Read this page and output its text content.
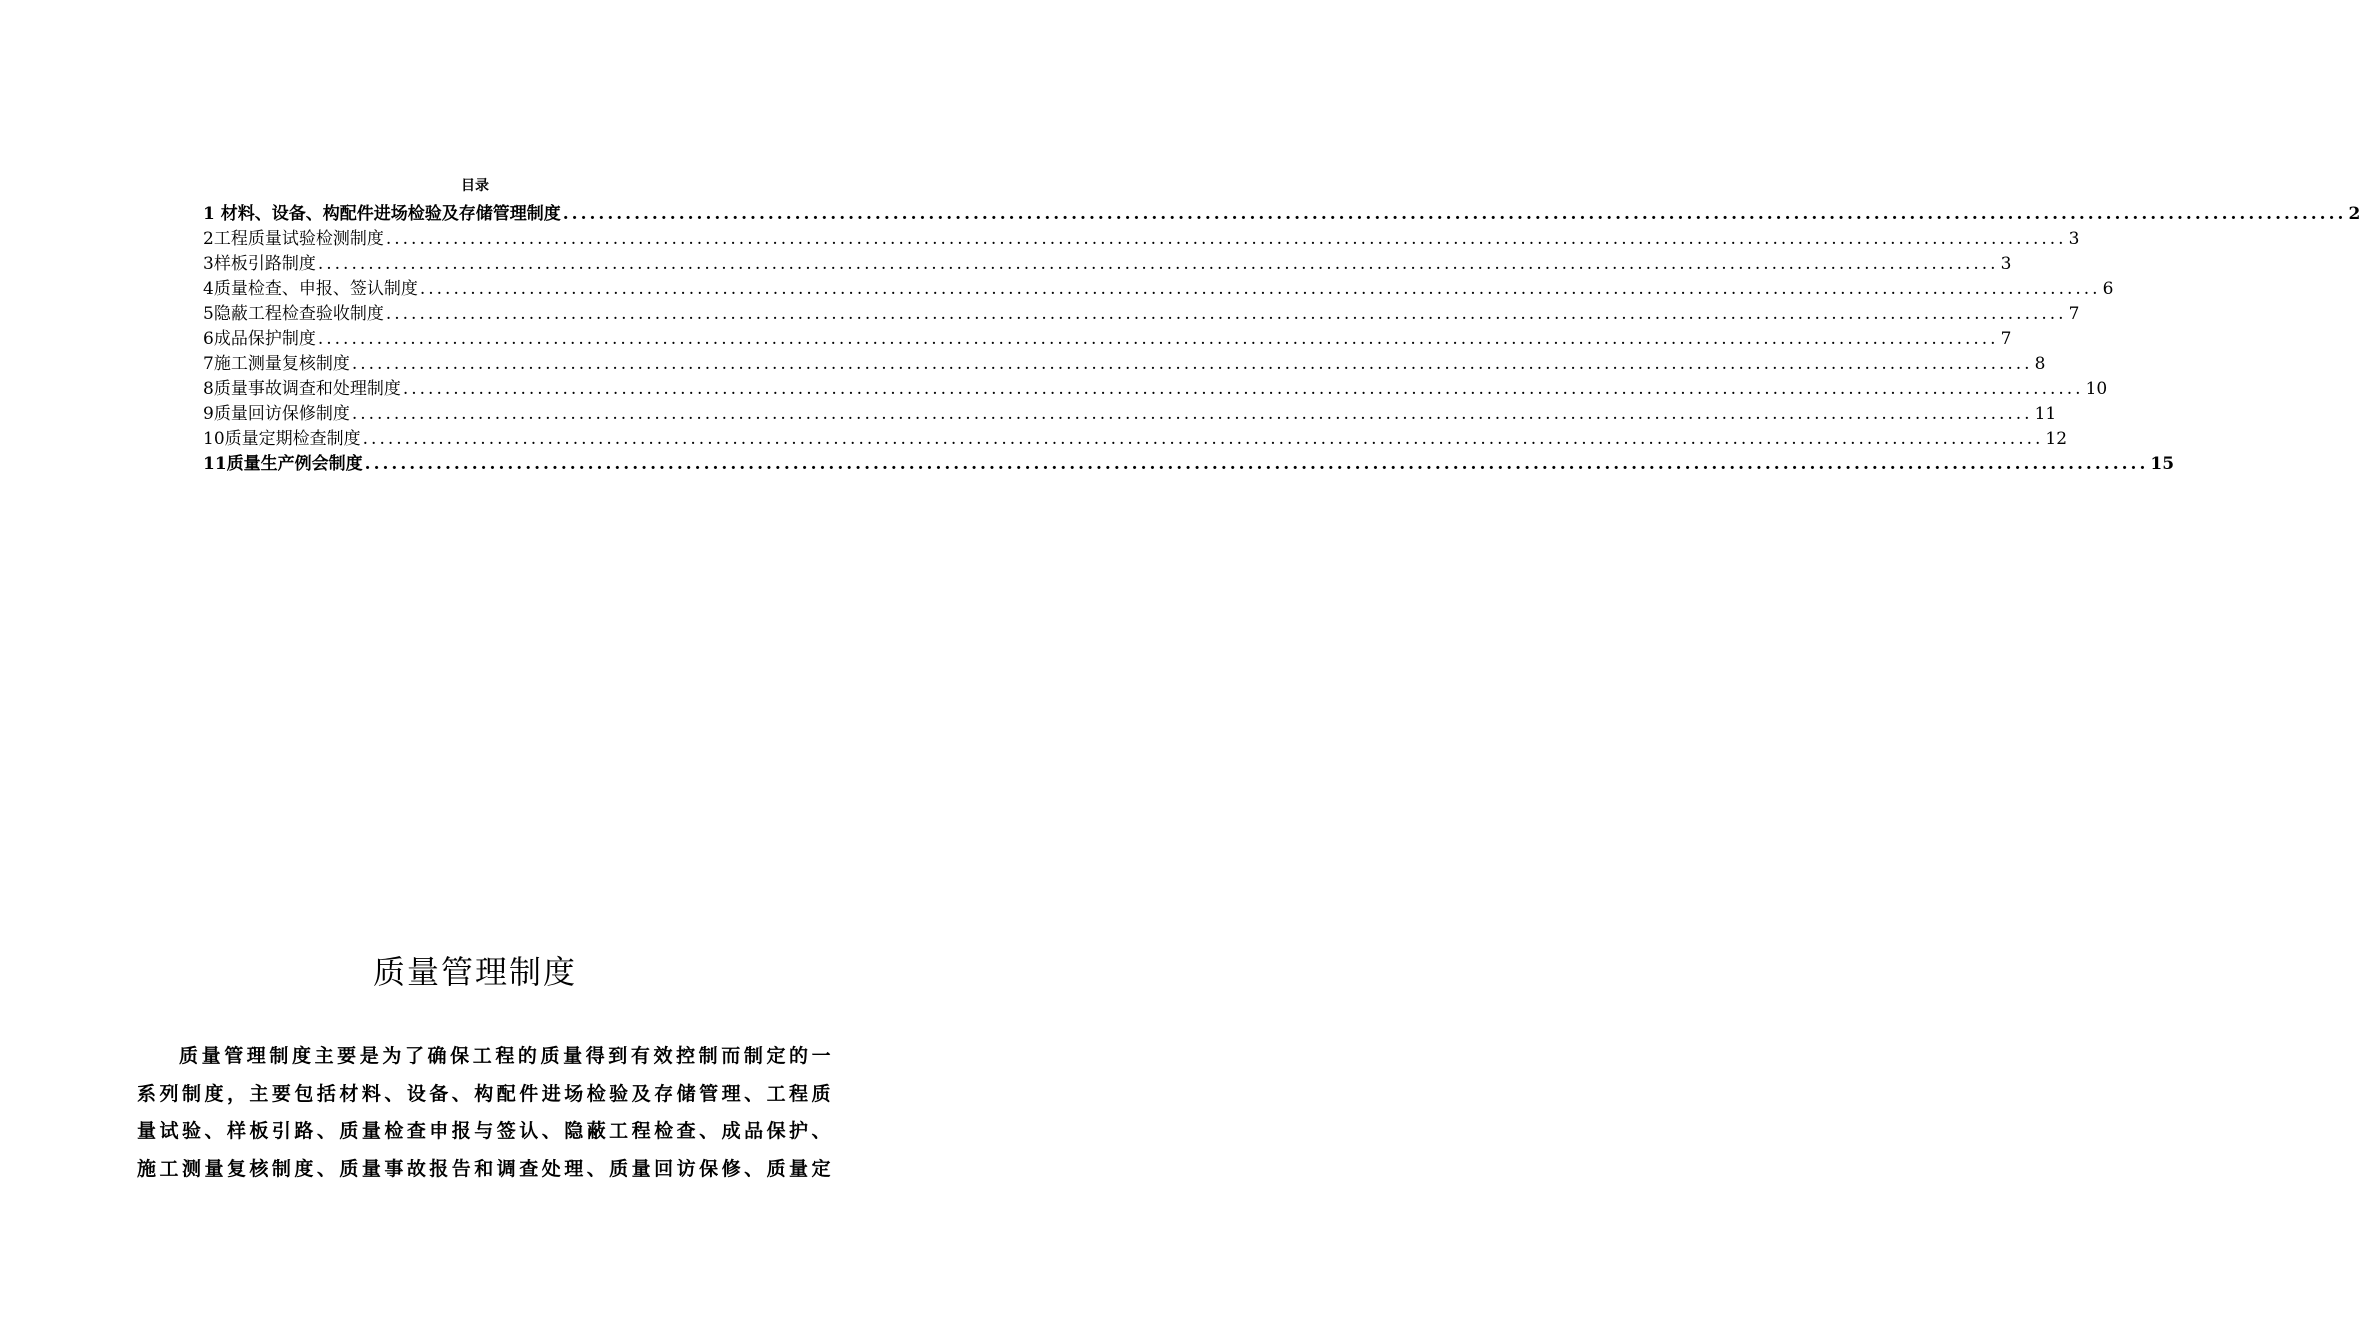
目录
1 材料、设备、构配件进场检验及存储管理制度 ........................................................................................................................................................................................................ 2
2工程质量试验检测制度 ........................................................................................................................................................................................................ 3
3样板引路制度 ........................................................................................................................................................................................................ 3
4质量检查、申报、签认制度 ........................................................................................................................................................................................................ 6
5隐蔽工程检查验收制度 ........................................................................................................................................................................................................ 7
6成品保护制度 ........................................................................................................................................................................................................ 7
7施工测量复核制度 ........................................................................................................................................................................................................ 8
8质量事故调查和处理制度 ........................................................................................................................................................................................................ 10
9质量回访保修制度 ........................................................................................................................................................................................................ 11
10质量定期检查制度 ........................................................................................................................................................................................................ 12
11质量生产例会制度 ........................................................................................................................................................................................................ 15
质量管理制度
质 量 管 理 制 度 主 要 是 为 了 确 保 工 程 的 质 量 得 到 有 效 控 制 而 制 定 的 一
系 列 制 度 ， 主 要 包 括 材 料 、 设 备 、 构 配 件 进 场 检 验 及 存 储 管 理 、 工 程 质
量 试 验 、 样 板 引 路 、 质 量 检 查 申 报 与 签 认 、 隐 蔽 工 程 检 查 、 成 品 保 护 、
施 工 测 量 复 核 制 度 、 质 量 事 故 报 告 和 调 查 处 理 、 质 量 回 访 保 修 、 质 量 定
